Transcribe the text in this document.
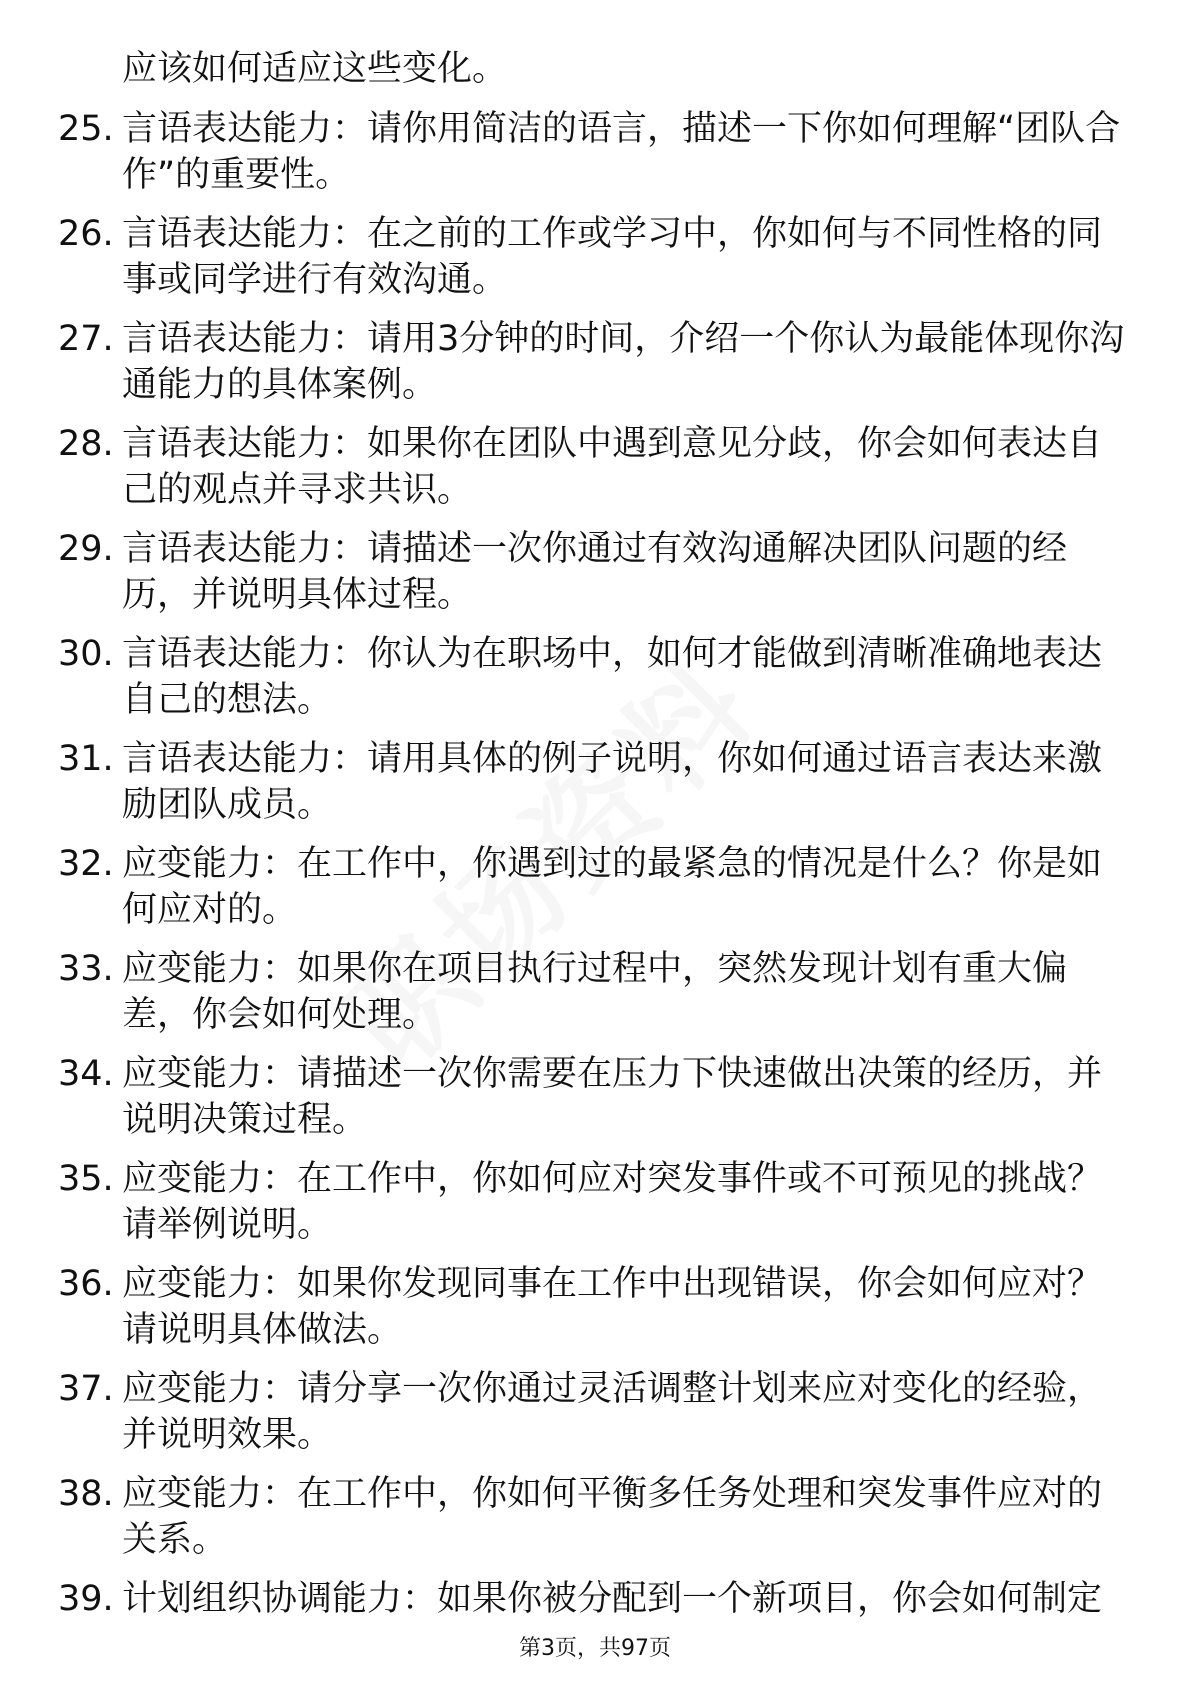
应该如何适应这些变化。
25. 言语表达能力：请你用简洁的语言，描述一下你如何理解“团队合
作”的重要性。
26. 言语表达能力：在之前的工作或学习中，你如何与不同性格的同
事或同学进行有效沟通。
27. 言语表达能力：请用3分钟的时间，介绍一个你认为最能体现你沟
通能力的具体案例。
28. 言语表达能力：如果你在团队中遇到意见分歧，你会如何表达自
己的观点并寻求共识。
29. 言语表达能力：请描述一次你通过有效沟通解决团队问题的经
历，并说明具体过程。
30. 言语表达能力：你认为在职场中，如何才能做到清晰准确地表达
自己的想法。
31. 言语表达能力：请用具体的例子说明，你如何通过语言表达来激
励团队成员。
32. 应变能力：在工作中，你遇到过的最紧急的情况是什么？你是如
何应对的。
33. 应变能力：如果你在项目执行过程中，突然发现计划有重大偏
差，你会如何处理。
34. 应变能力：请描述一次你需要在压力下快速做出决策的经历，并
说明决策过程。
35. 应变能力：在工作中，你如何应对突发事件或不可预见的挑战？
请举例说明。
36. 应变能力：如果你发现同事在工作中出现错误，你会如何应对？
请说明具体做法。
37. 应变能力：请分享一次你通过灵活调整计划来应对变化的经验，
并说明效果。
38. 应变能力：在工作中，你如何平衡多任务处理和突发事件应对的
关系。
39. 计划组织协调能力：如果你被分配到一个新项目，你会如何制定
第3页，共97页
